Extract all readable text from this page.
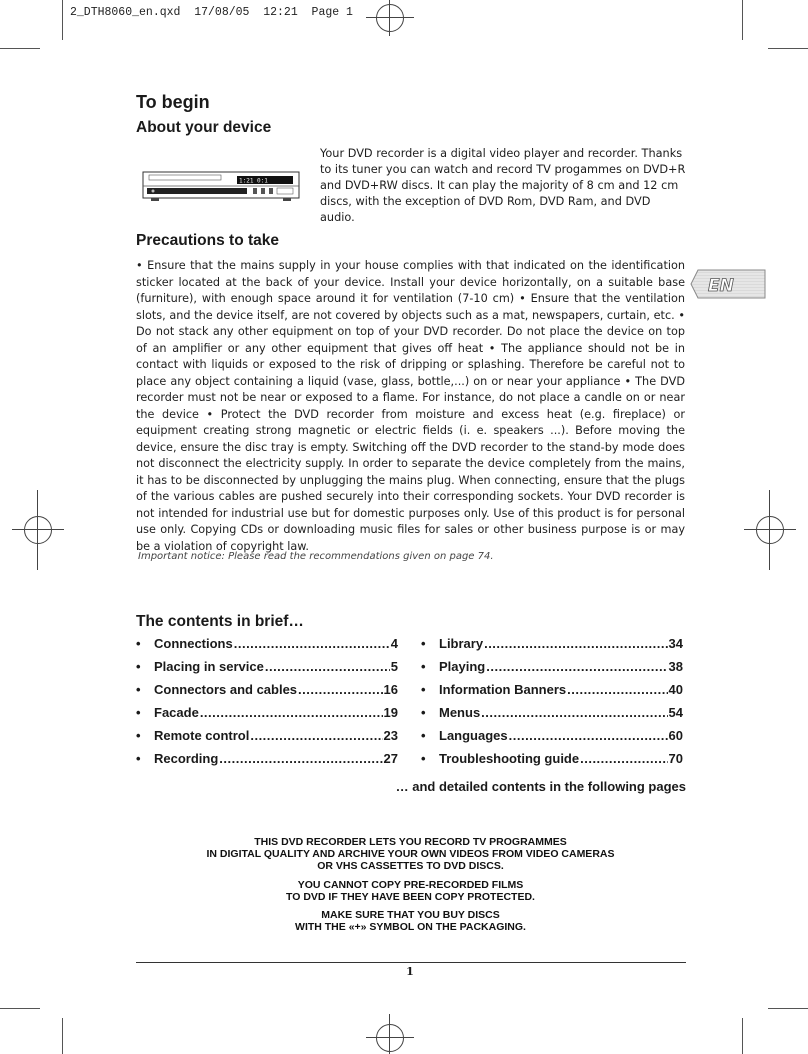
2_DTH8060_en.qxd  17/08/05  12:21  Page 1
To begin
About your device
1:21 0:1
Your DVD recorder is a digital video player and recorder. Thanks to its tuner you can watch and record TV progammes on DVD+R and DVD+RW discs. It can play the majority of 8 cm and 12 cm discs, with the exception of DVD Rom, DVD Ram, and DVD audio.
Precautions to take
EN
• Ensure that the mains supply in your house complies with that indicated on the identification sticker located at the back of your device. Install your device horizontally, on a suitable base (furniture), with enough space around it for ventilation (7-10 cm) • Ensure that the ventilation slots, and the device itself, are not covered by objects such as a mat, newspapers, curtain, etc. • Do not stack any other equipment on top of your DVD recorder. Do not place the device on top of an amplifier or any other equipment that gives off heat • The appliance should not be in contact with liquids or exposed to the risk of dripping or splashing. Therefore be careful not to place any object containing a liquid (vase, glass, bottle,...) on or near your appliance • The DVD recorder must not be near or exposed to a flame. For instance, do not place a candle on or near the device • Protect the DVD recorder from moisture and excess heat (e.g. fireplace) or equipment creating strong magnetic or electric fields (i. e. speakers ...). Before moving the device, ensure the disc tray is empty. Switching off the DVD recorder to the stand-by mode does not disconnect the electricity supply. In order to separate the device completely from the mains, it has to be disconnected by unplugging the mains plug. When connecting, ensure that the plugs of the various cables are pushed securely into their corresponding sockets. Your DVD recorder is not intended for industrial use but for domestic purposes only. Use of this product is for personal use only. Copying CDs or downloading music files for sales or other business purpose is or may be a violation of copyright law.
Important notice: Please read the recommendations given on page 74.
The contents in brief…
•	Connections .....	4
•	Placing in service .....	5
•	Connectors and cables .....	16
•	Facade .....	19
•	Remote control .....	23
•	Recording .....	27
•	Library .....	34
•	Playing .....	38
•	Information Banners .....	40
•	Menus .....	54
•	Languages .....	60
•	Troubleshooting guide .....	70
… and detailed contents in the following pages
THIS DVD RECORDER LETS YOU RECORD TV PROGRAMMES
IN DIGITAL QUALITY AND ARCHIVE YOUR OWN VIDEOS FROM VIDEO CAMERAS
OR VHS CASSETTES TO DVD DISCS.
YOU CANNOT COPY PRE-RECORDED FILMS
TO DVD IF THEY HAVE BEEN COPY PROTECTED.
MAKE SURE THAT YOU BUY DISCS
WITH THE «+» SYMBOL ON THE PACKAGING.
1
